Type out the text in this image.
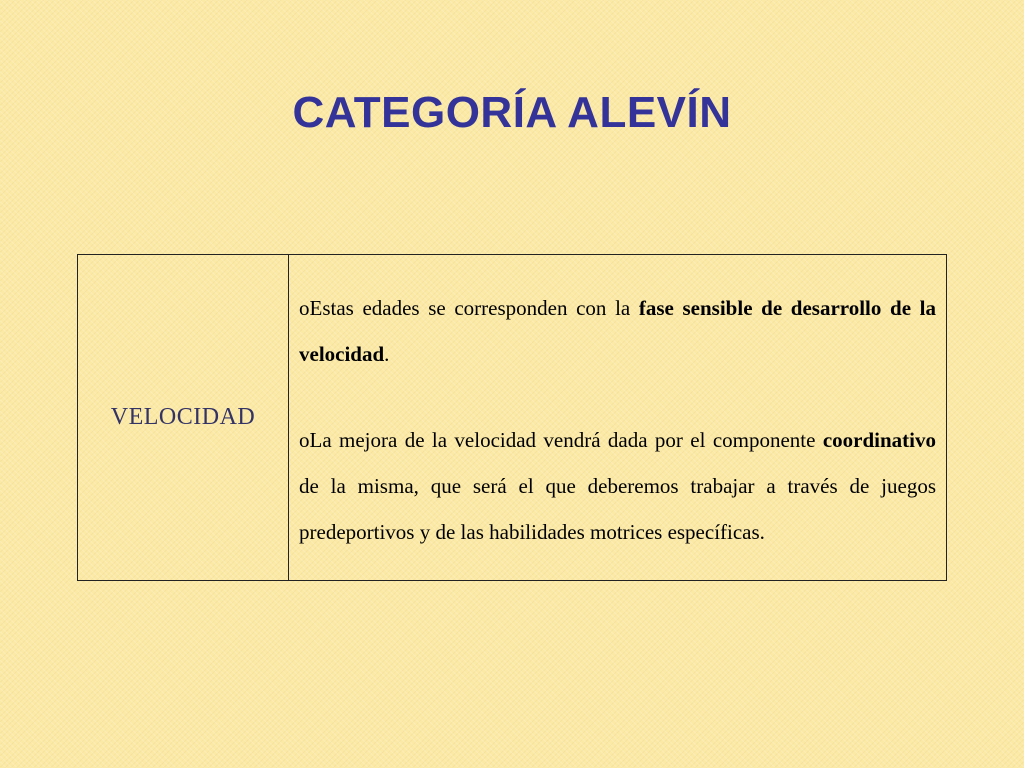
CATEGORÍA ALEVÍN
VELOCIDAD	

oEstas edades se corresponden con la fase sensible de desarrollo de la velocidad.

oLa mejora de la velocidad vendrá dada por el componente coordinativo de la misma, que será el que deberemos trabajar a través de juegos predeportivos y de las habilidades motrices específicas.
